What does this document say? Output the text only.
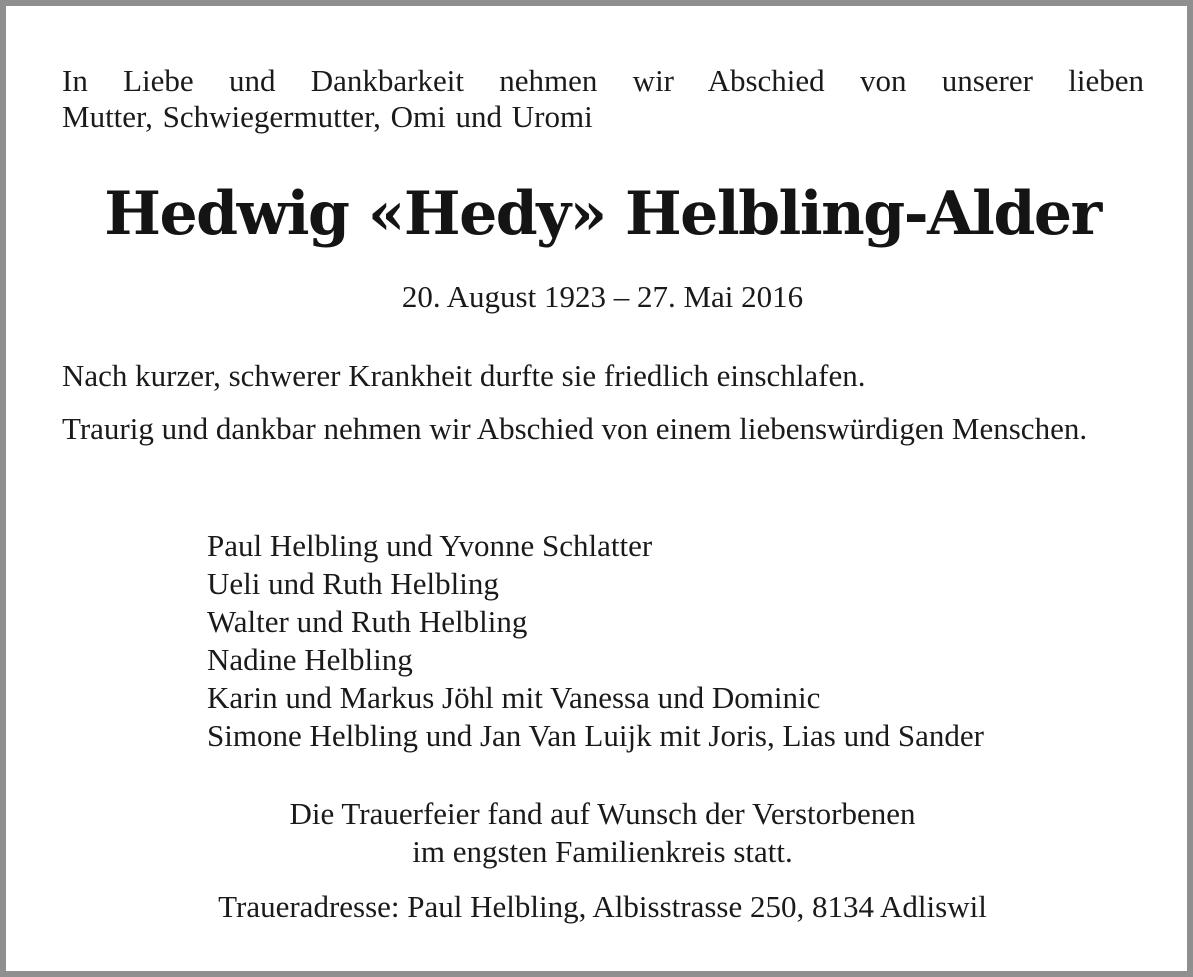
In Liebe und Dankbarkeit nehmen wir Abschied von unserer lieben
Mutter, Schwiegermutter, Omi und Uromi
Hedwig «Hedy» Helbling-Alder
20. August 1923 – 27. Mai 2016
Nach kurzer, schwerer Krankheit durfte sie friedlich einschlafen.
Traurig und dankbar nehmen wir Abschied von einem liebenswürdigen Menschen.
Paul Helbling und Yvonne Schlatter
Ueli und Ruth Helbling
Walter und Ruth Helbling
Nadine Helbling
Karin und Markus Jöhl mit Vanessa und Dominic
Simone Helbling und Jan Van Luijk mit Joris, Lias und Sander
Die Trauerfeier fand auf Wunsch der Verstorbenen
im engsten Familienkreis statt.
Traueradresse: Paul Helbling, Albisstrasse 250, 8134 Adliswil
